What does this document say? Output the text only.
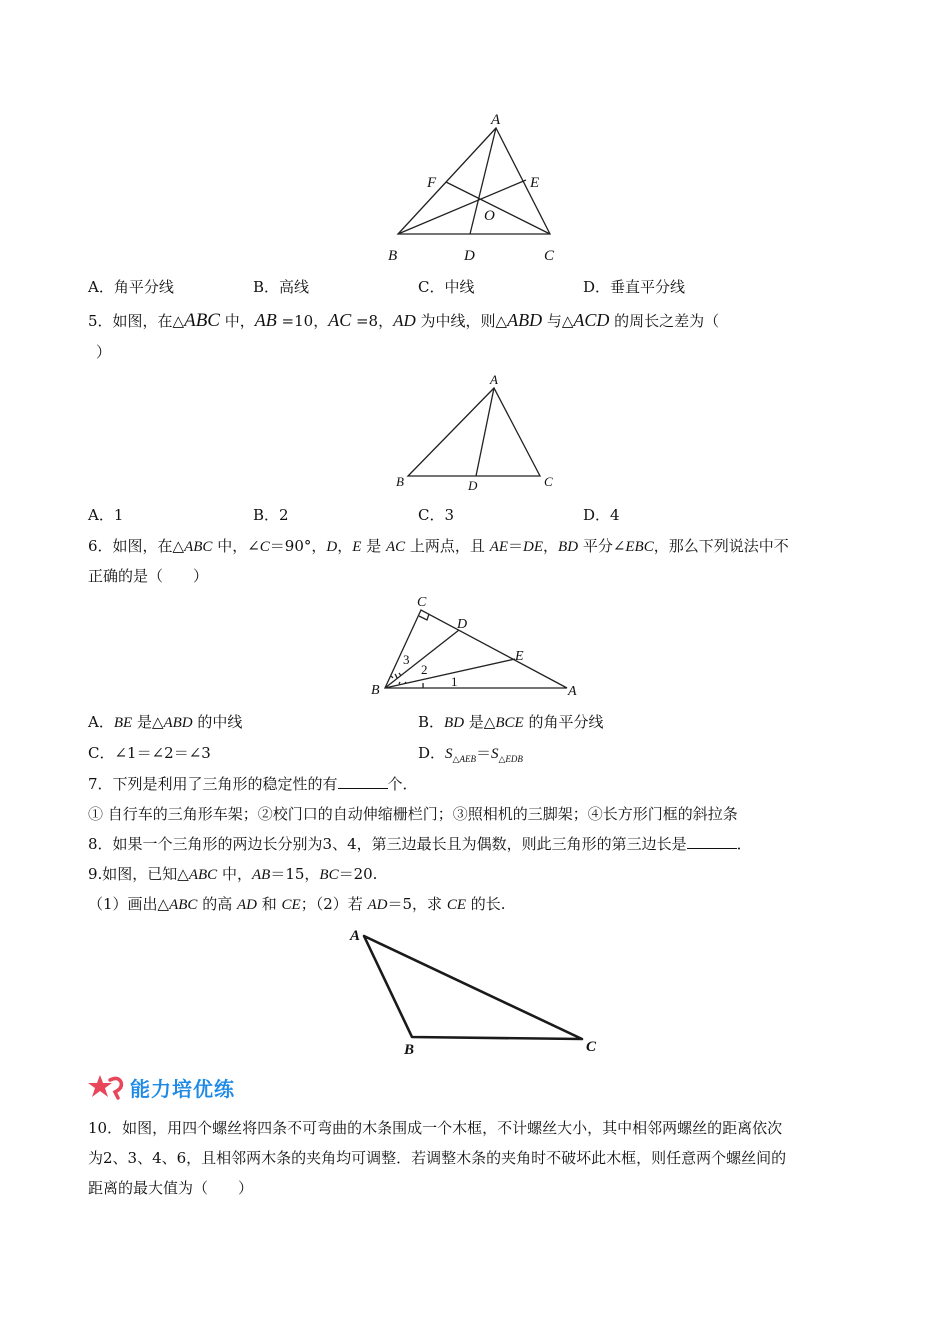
A
B	C
D
E
F
O
A．角平分线	B．高线	C．中线	D．垂直平分线
5．如图，在△ABC 中，AB =10，AC =8，AD 为中线，则△ABD 与△ACD 的周长之差为（
）
A
B	C
D
A．1	B．2	C．3	D．4
6．如图，在△ABC 中，∠C＝90°，D，E 是 AC 上两点，且 AE＝DE，BD 平分∠EBC，那么下列说法中不
正确的是（　　）
C
D
E
B	A
3
2
1
A．BE 是△ABD 的中线	B．BD 是△BCE 的角平分线
C．∠1＝∠2＝∠3	D．$S_{\triangle AEB}=S_{\triangle EDB}$
7．下列是利用了三角形的稳定性的有	个．
① 自行车的三角形车架；②校门口的自动伸缩栅栏门；③照相机的三脚架；④长方形门框的斜拉条
8．如果一个三角形的两边长分别为3、4，第三边最长且为偶数，则此三角形的第三边长是	．
9.如图，已知△ABC 中，AB＝15，BC＝20.
（1）画出△ABC 的高 AD 和 CE；（2）若 AD＝5，求 CE 的长.
A
B	C
能力培优练
10．如图，用四个螺丝将四条不可弯曲的木条围成一个木框，不计螺丝大小，其中相邻两螺丝的距离依次
为2、3、4、6，且相邻两木条的夹角均可调整．若调整木条的夹角时不破坏此木框，则任意两个螺丝间的
距离的最大值为（　　）
